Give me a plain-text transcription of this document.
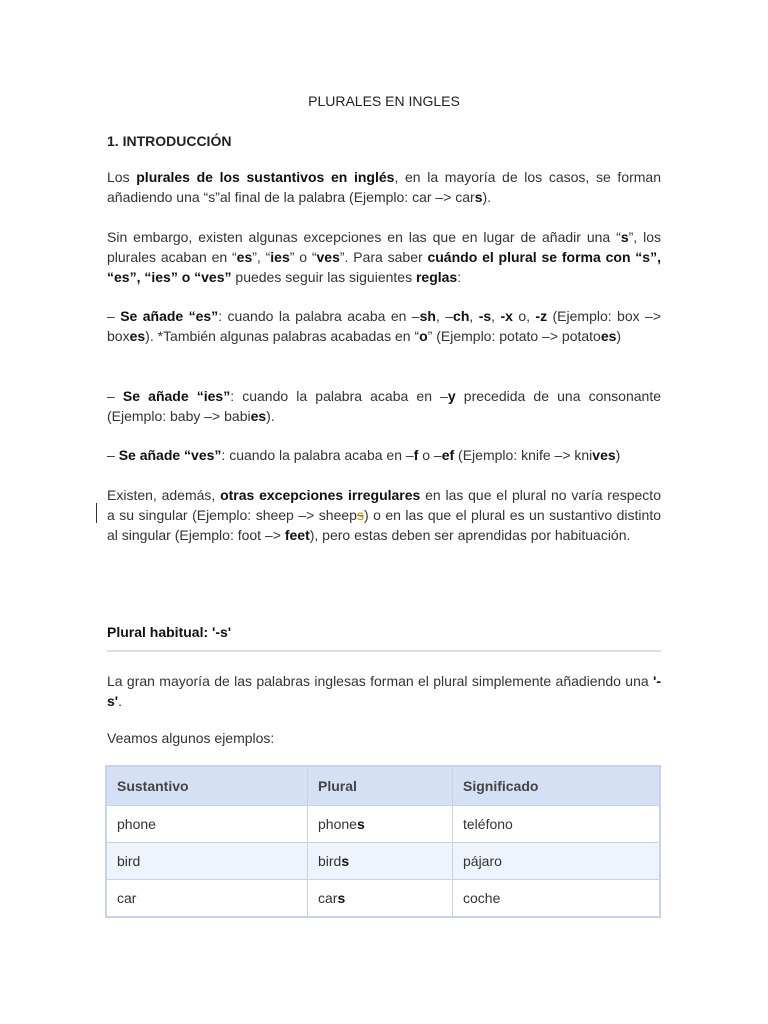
PLURALES EN INGLES
1. INTRODUCCIÓN

Los plurales de los sustantivos en inglés, en la mayoría de los casos, se forman añadiendo una “s”al final de la palabra (Ejemplo: car –> cars).

Sin embargo, existen algunas excepciones en las que en lugar de añadir una “s”, los plurales acaban en “es”, “ies” o “ves”. Para saber cuándo el plural se forma con “s”, “es”, “ies” o “ves” puedes seguir las siguientes reglas:

– Se añade “es”: cuando la palabra acaba en –sh, –ch, -s, -x o, -z (Ejemplo: box –> boxes). *También algunas palabras acabadas en “o” (Ejemplo: potato –> potatoes)

– Se añade “ies”: cuando la palabra acaba en –y precedida de una consonante (Ejemplo: baby –> babies).

– Se añade “ves”: cuando la palabra acaba en –f o –ef (Ejemplo: knife –> knives)

Existen, además, otras excepciones irregulares en las que el plural no varía respecto a su singular (Ejemplo: sheep –> sheeps) o en las que el plural es un sustantivo distinto al singular (Ejemplo: foot –> feet), pero estas deben ser aprendidas por habituación.

Plural habitual: '-s'

La gran mayoría de las palabras inglesas forman el plural simplemente añadiendo una '-s'.

Veamos algunos ejemplos:

Sustantivo	Plural	Significado
phone	phones	teléfono
bird	birds	pájaro
car	cars	coche
